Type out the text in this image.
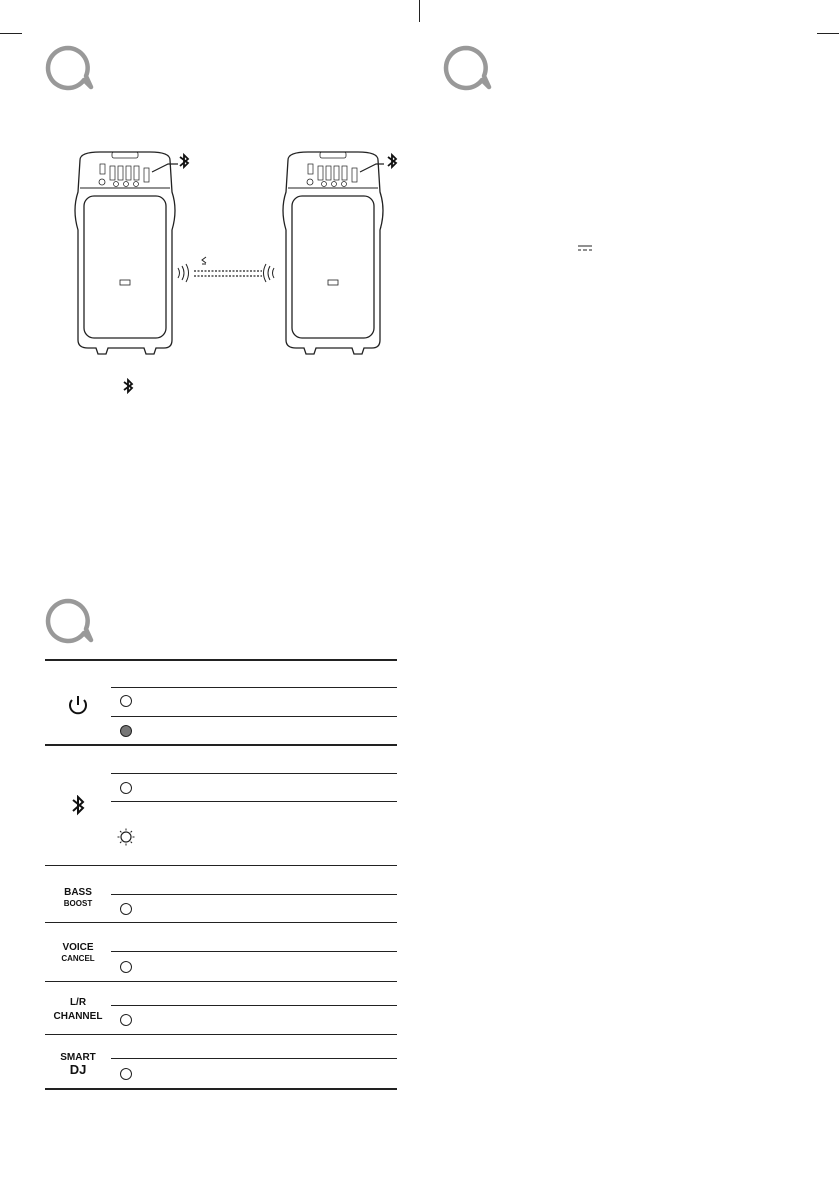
BASS
BOOST
VOICE
CANCEL
L/R
CHANNEL
SMART
DJ
